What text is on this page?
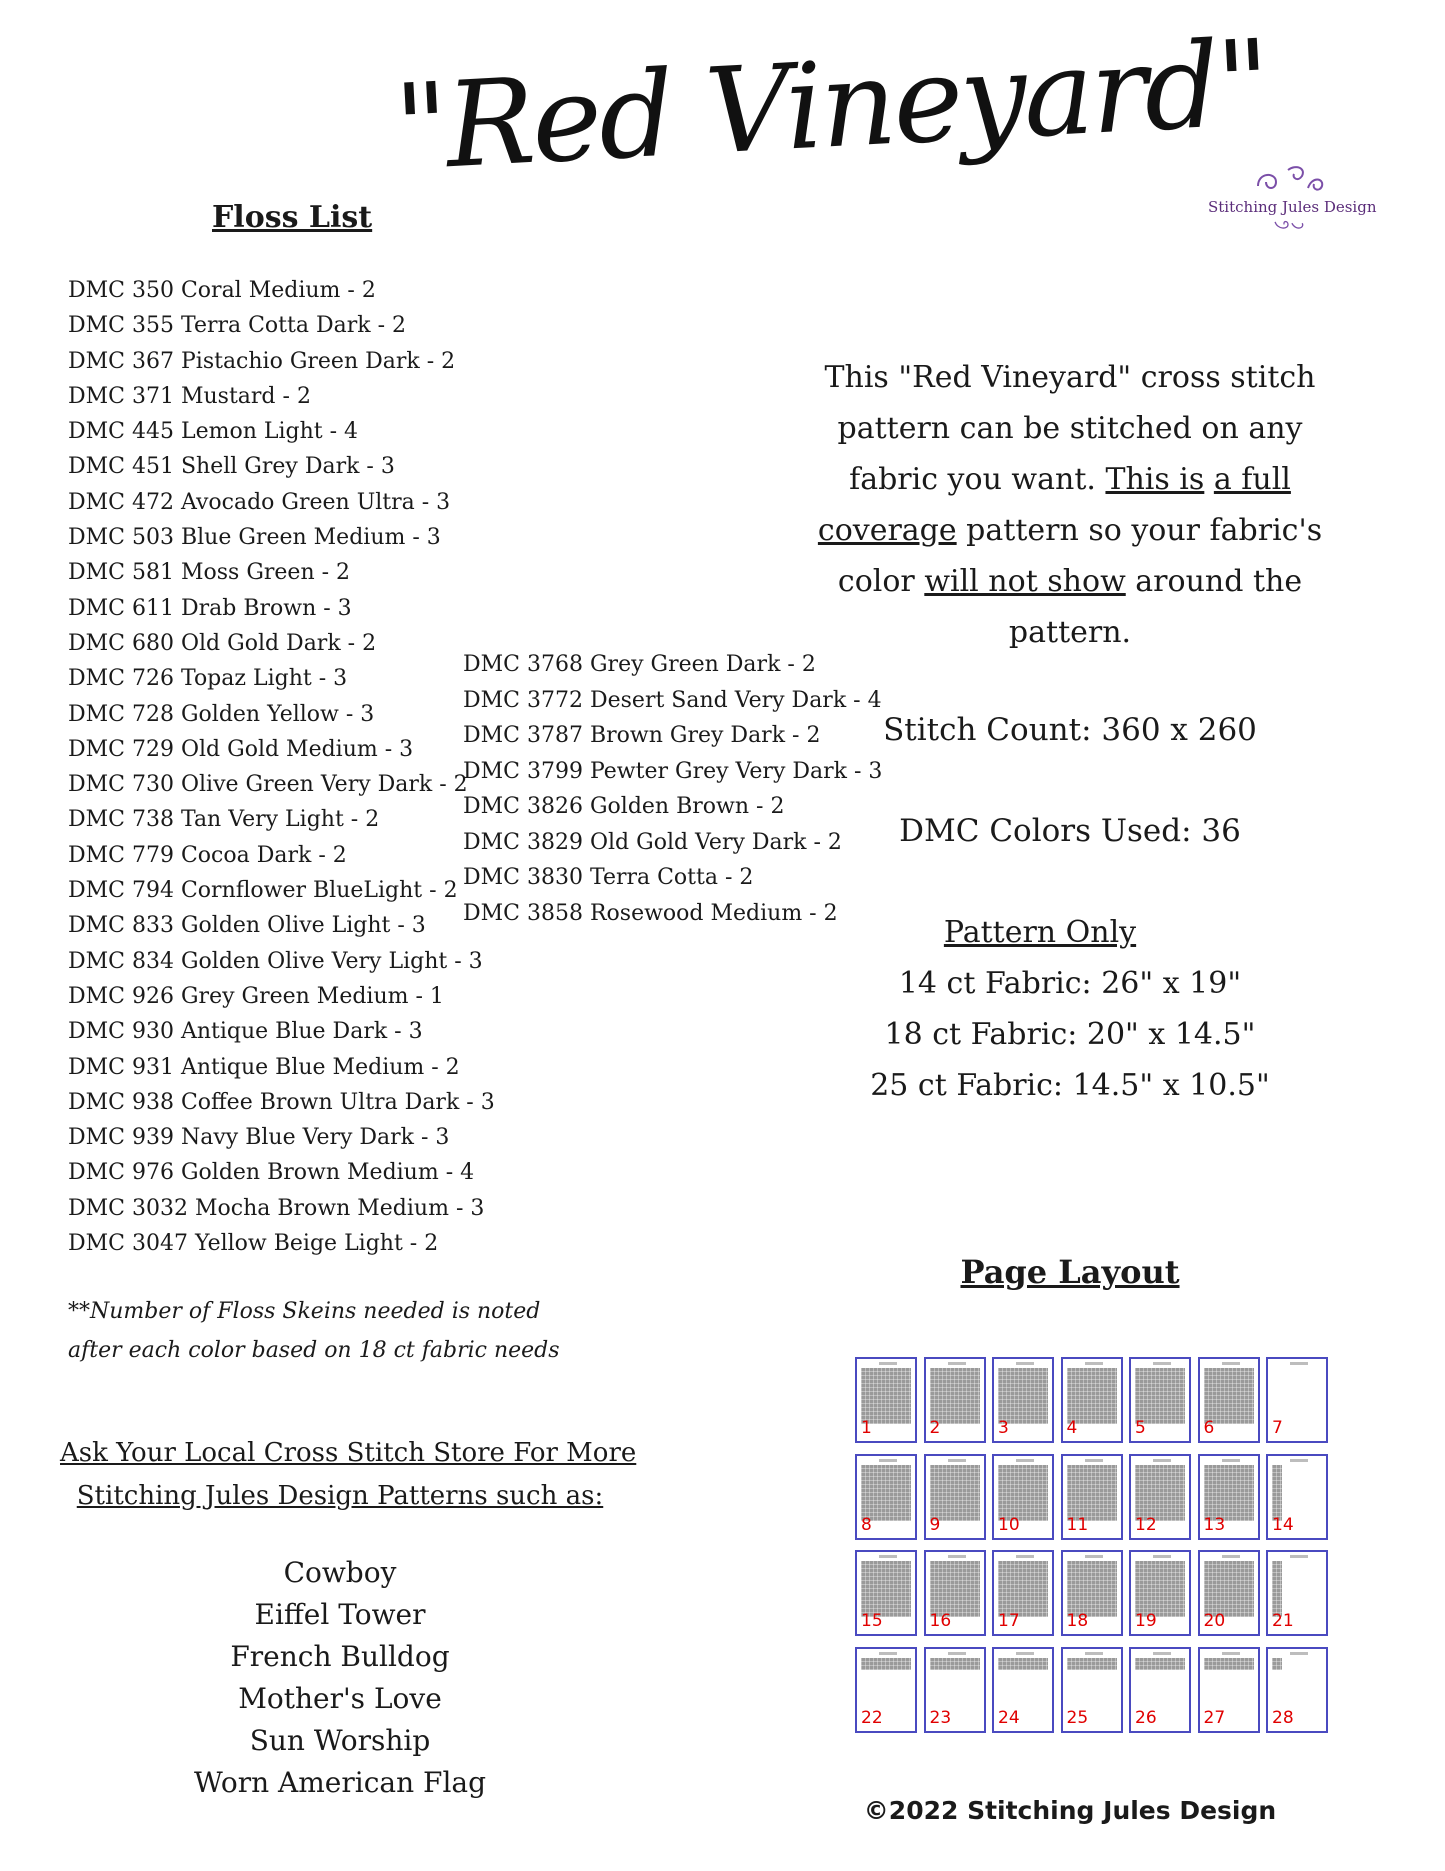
"Red Vineyard"
Stitching Jules Design
Floss List
DMC 350 Coral Medium - 2
DMC 355 Terra Cotta Dark - 2
DMC 367 Pistachio Green Dark - 2
DMC 371 Mustard - 2
DMC 445 Lemon Light - 4
DMC 451 Shell Grey Dark - 3
DMC 472 Avocado Green Ultra - 3
DMC 503 Blue Green Medium - 3
DMC 581 Moss Green - 2
DMC 611 Drab Brown - 3
DMC 680 Old Gold Dark - 2
DMC 726 Topaz Light - 3
DMC 728 Golden Yellow - 3
DMC 729 Old Gold Medium - 3
DMC 730 Olive Green Very Dark - 2
DMC 738 Tan Very Light - 2
DMC 779 Cocoa Dark - 2
DMC 794 Cornflower BlueLight - 2
DMC 833 Golden Olive Light - 3
DMC 834 Golden Olive Very Light - 3
DMC 926 Grey Green Medium - 1
DMC 930 Antique Blue Dark - 3
DMC 931 Antique Blue Medium - 2
DMC 938 Coffee Brown Ultra Dark - 3
DMC 939 Navy Blue Very Dark - 3
DMC 976 Golden Brown Medium - 4
DMC 3032 Mocha Brown Medium - 3
DMC 3047 Yellow Beige Light - 2
DMC 3768 Grey Green Dark - 2
DMC 3772 Desert Sand Very Dark - 4
DMC 3787 Brown Grey Dark - 2
DMC 3799 Pewter Grey Very Dark - 3
DMC 3826 Golden Brown - 2
DMC 3829 Old Gold Very Dark - 2
DMC 3830 Terra Cotta - 2
DMC 3858 Rosewood Medium - 2
**Number of Floss Skeins needed is noted
after each color based on 18 ct fabric needs
Ask Your Local Cross Stitch Store For More
Stitching Jules Design Patterns such as:
Cowboy
Eiffel Tower
French Bulldog
Mother's Love
Sun Worship
Worn American Flag
This "Red Vineyard" cross stitch pattern can be stitched on any fabric you want. This is a full coverage pattern so your fabric's color will not show around the pattern.
Stitch Count: 360 x 260
DMC Colors Used: 36
Pattern Only
14 ct Fabric: 26" x 19"
18 ct Fabric: 20" x 14.5"
25 ct Fabric: 14.5" x 10.5"
Page Layout
1	2	3	4	5	6	7
8	9	10	11	12	13	14
15	16	17	18	19	20	21
22	23	24	25	26	27	28
©2022 Stitching Jules Design
